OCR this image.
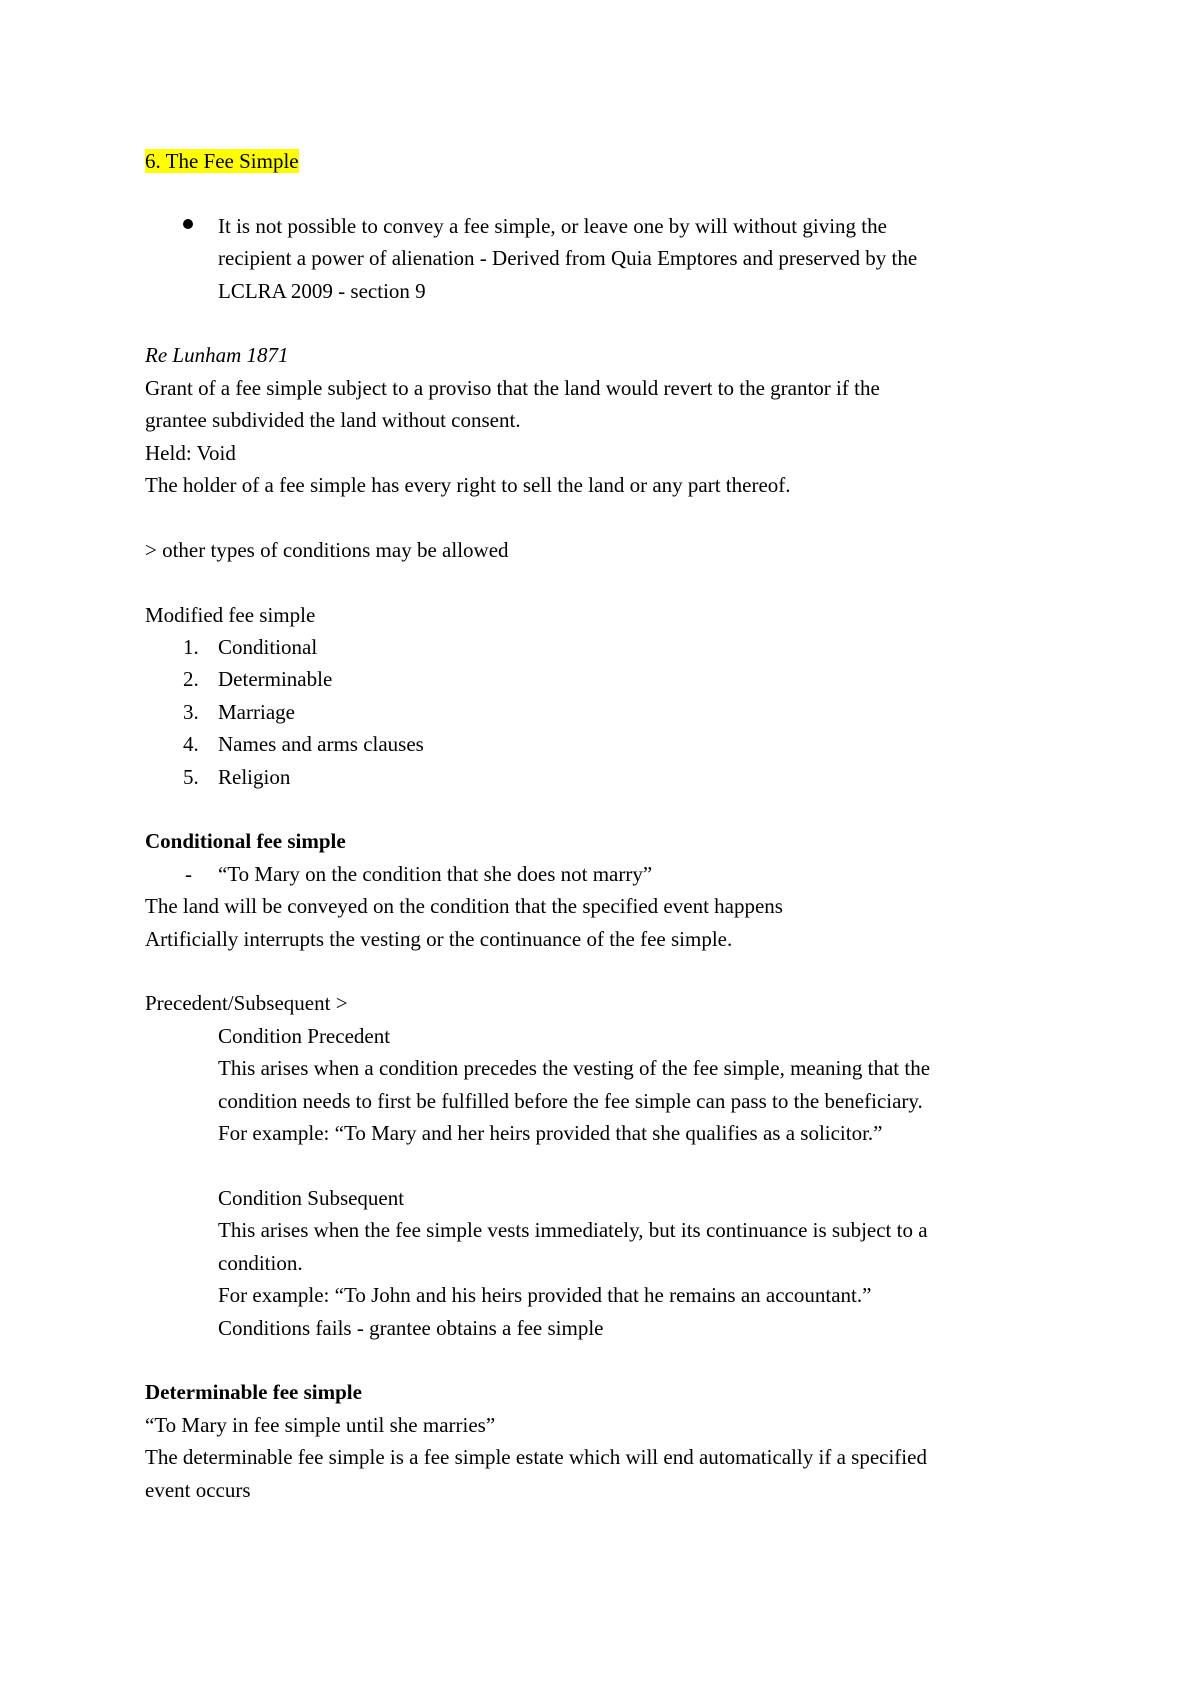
6. The Fee Simple

It is not possible to convey a fee simple, or leave one by will without giving the

recipient a power of alienation - Derived from Quia Emptores and preserved by the

LCLRA 2009 - section 9

Re Lunham 1871

Grant of a fee simple subject to a proviso that the land would revert to the grantor if the

grantee subdivided the land without consent.

Held: Void

The holder of a fee simple has every right to sell the land or any part thereof.

> other types of conditions may be allowed

Modified fee simple

1. Conditional

2. Determinable

3. Marriage

4. Names and arms clauses

5. Religion

Conditional fee simple

- “To Mary on the condition that she does not marry”

The land will be conveyed on the condition that the specified event happens

Artificially interrupts the vesting or the continuance of the fee simple.

Precedent/Subsequent >

Condition Precedent

This arises when a condition precedes the vesting of the fee simple, meaning that the

condition needs to first be fulfilled before the fee simple can pass to the beneficiary.

For example: “To Mary and her heirs provided that she qualifies as a solicitor.”

Condition Subsequent

This arises when the fee simple vests immediately, but its continuance is subject to a

condition.

For example: “To John and his heirs provided that he remains an accountant.”

Conditions fails - grantee obtains a fee simple

Determinable fee simple

“To Mary in fee simple until she marries”

The determinable fee simple is a fee simple estate which will end automatically if a specified

event occurs
